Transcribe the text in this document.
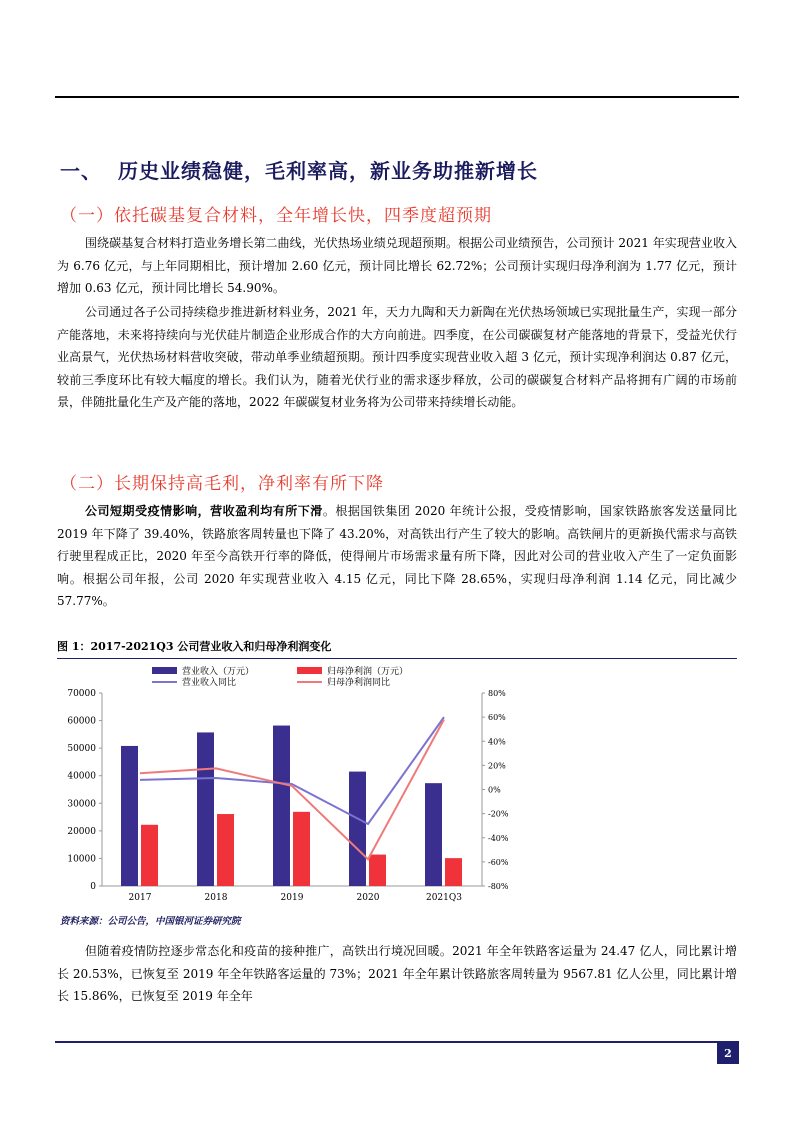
一、 历史业绩稳健，毛利率高，新业务助推新增长
（一）依托碳基复合材料，全年增长快，四季度超预期

围绕碳基复合材料打造业务增长第二曲线，光伏热场业绩兑现超预期。根据公司业绩预告，公司预计 2021 年实现营业收入为 6.76 亿元，与上年同期相比，预计增加 2.60 亿元，预计同比增长 62.72%；公司预计实现归母净利润为 1.77 亿元，预计增加 0.63 亿元，预计同比增长 54.90%。

公司通过各子公司持续稳步推进新材料业务，2021 年，天力九陶和天力新陶在光伏热场领域已实现批量生产，实现一部分产能落地，未来将持续向与光伏硅片制造企业形成合作的大方向前进。四季度，在公司碳碳复材产能落地的背景下，受益光伏行业高景气，光伏热场材料营收突破，带动单季业绩超预期。预计四季度实现营业收入超 3 亿元，预计实现净利润达 0.87 亿元，较前三季度环比有较大幅度的增长。我们认为，随着光伏行业的需求逐步释放，公司的碳碳复合材料产品将拥有广阔的市场前景，伴随批量化生产及产能的落地，2022 年碳碳复材业务将为公司带来持续增长动能。

（二）长期保持高毛利，净利率有所下降

公司短期受疫情影响，营收盈利均有所下滑。根据国铁集团 2020 年统计公报，受疫情影响，国家铁路旅客发送量同比 2019 年下降了 39.40%，铁路旅客周转量也下降了 43.20%，对高铁出行产生了较大的影响。高铁闸片的更新换代需求与高铁行驶里程成正比，2020 年至今高铁开行率的降低，使得闸片市场需求量有所下降，因此对公司的营业收入产生了一定负面影响。根据公司年报，公司 2020 年实现营业收入 4.15 亿元，同比下降 28.65%，实现归母净利润 1.14 亿元，同比减少 57.77%。

图 1：2017-2021Q3 公司营业收入和归母净利润变化
0
10000
20000
30000
40000
50000
60000
70000
-80%
-60%
-40%
-20%
0%
20%
40%
60%
80%
2017	2018	2019	2020	2021Q3
营业收入（万元）	归母净利润（万元）
营业收入同比	归母净利润同比
资料来源：公司公告，中国银河证券研究院

但随着疫情防控逐步常态化和疫苗的接种推广，高铁出行境况回暖。2021 年全年铁路客运量为 24.47 亿人，同比累计增长 20.53%，已恢复至 2019 年全年铁路客运量的 73%；2021 年全年累计铁路旅客周转量为 9567.81 亿人公里，同比累计增长 15.86%，已恢复至 2019 年全年

2
